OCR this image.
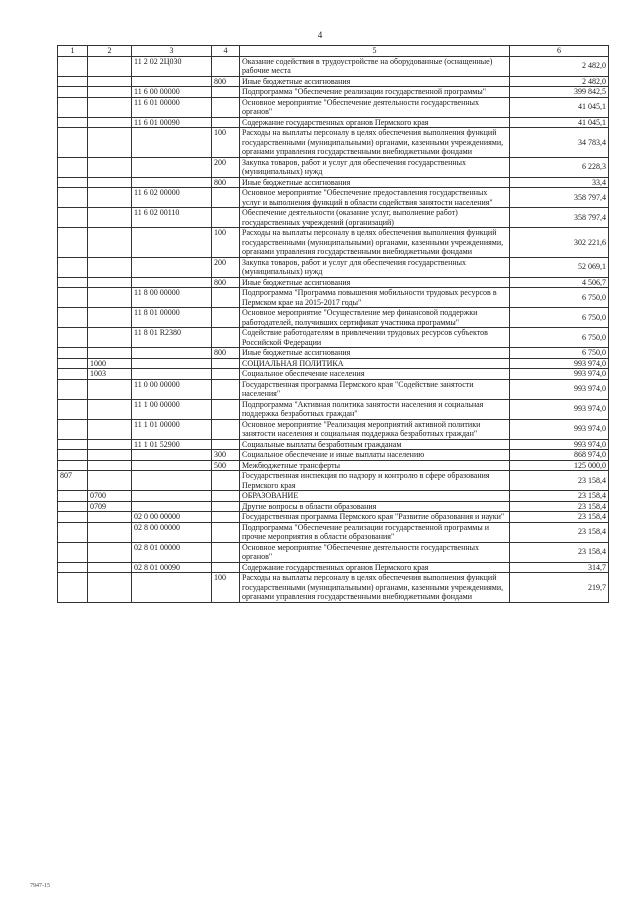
4
1	2	3	4	5	6
		11 2 02 2Ц030		Оказание содействия в трудоустройстве на оборудованные (оснащенные) рабочие места	2 482,0
			800	Иные бюджетные ассигнования	2 482,0
		11 6 00 00000		Подпрограмма "Обеспечение реализации государственной программы"	399 842,5
		11 6 01 00000		Основное мероприятие "Обеспечение деятельности государственных органов"	41 045,1
		11 6 01 00090		Содержание государственных органов Пермского края	41 045,1
			100	Расходы на выплаты персоналу в целях обеспечения выполнения функций государственными (муниципальными) органами, казенными учреждениями, органами управления государственными внебюджетными фондами	34 783,4
			200	Закупка товаров, работ и услуг для обеспечения государственных (муниципальных) нужд	6 228,3
			800	Иные бюджетные ассигнования	33,4
		11 6 02 00000		Основное мероприятие "Обеспечение предоставления государственных услуг и выполнения функций в области содействия занятости населения"	358 797,4
		11 6 02 00110		Обеспечение деятельности (оказание услуг, выполнение работ) государственных учреждений (организаций)	358 797,4
			100	Расходы на выплаты персоналу в целях обеспечения выполнения функций государственными (муниципальными) органами, казенными учреждениями, органами управления государственными внебюджетными фондами	302 221,6
			200	Закупка товаров, работ и услуг для обеспечения государственных (муниципальных) нужд	52 069,1
			800	Иные бюджетные ассигнования	4 506,7
		11 8 00 00000		Подпрограмма "Программа повышения мобильности трудовых ресурсов в Пермском крае на 2015-2017 годы"	6 750,0
		11 8 01 00000		Основное мероприятие "Осуществление мер финансовой поддержки работодателей, получивших сертификат участника программы"	6 750,0
		11 8 01 R2380		Содействие работодателям в привлечении трудовых ресурсов субъектов Российской Федерации	6 750,0
			800	Иные бюджетные ассигнования	6 750,0
	1000			СОЦИАЛЬНАЯ ПОЛИТИКА	993 974,0
	1003			Социальное обеспечение населения	993 974,0
		11 0 00 00000		Государственная программа Пермского края "Содействие занятости населения"	993 974,0
		11 1 00 00000		Подпрограмма "Активная политика занятости населения и социальная поддержка безработных граждан"	993 974,0
		11 1 01 00000		Основное мероприятие "Реализация мероприятий активной политики занятости населения и социальная поддержка безработных граждан"	993 974,0
		11 1 01 52900		Социальные выплаты безработным гражданам	993 974,0
			300	Социальное обеспечение и иные выплаты населению	868 974,0
			500	Межбюджетные трансферты	125 000,0
807				Государственная инспекция по надзору и контролю в сфере образования Пермского края	23 158,4
	0700			ОБРАЗОВАНИЕ	23 158,4
	0709			Другие вопросы в области образования	23 158,4
		02 0 00 00000		Государственная программа Пермского края "Развитие образования и науки"	23 158,4
		02 8 00 00000		Подпрограмма "Обеспечение реализации государственной программы и прочие мероприятия в области образования"	23 158,4
		02 8 01 00000		Основное мероприятие "Обеспечение деятельности государственных органов"	23 158,4
		02 8 01 00090		Содержание государственных органов Пермского края	314,7
			100	Расходы на выплаты персоналу в целях обеспечения выполнения функций государственными (муниципальными) органами, казенными учреждениями, органами управления государственными внебюджетными фондами	219,7
7947-15
